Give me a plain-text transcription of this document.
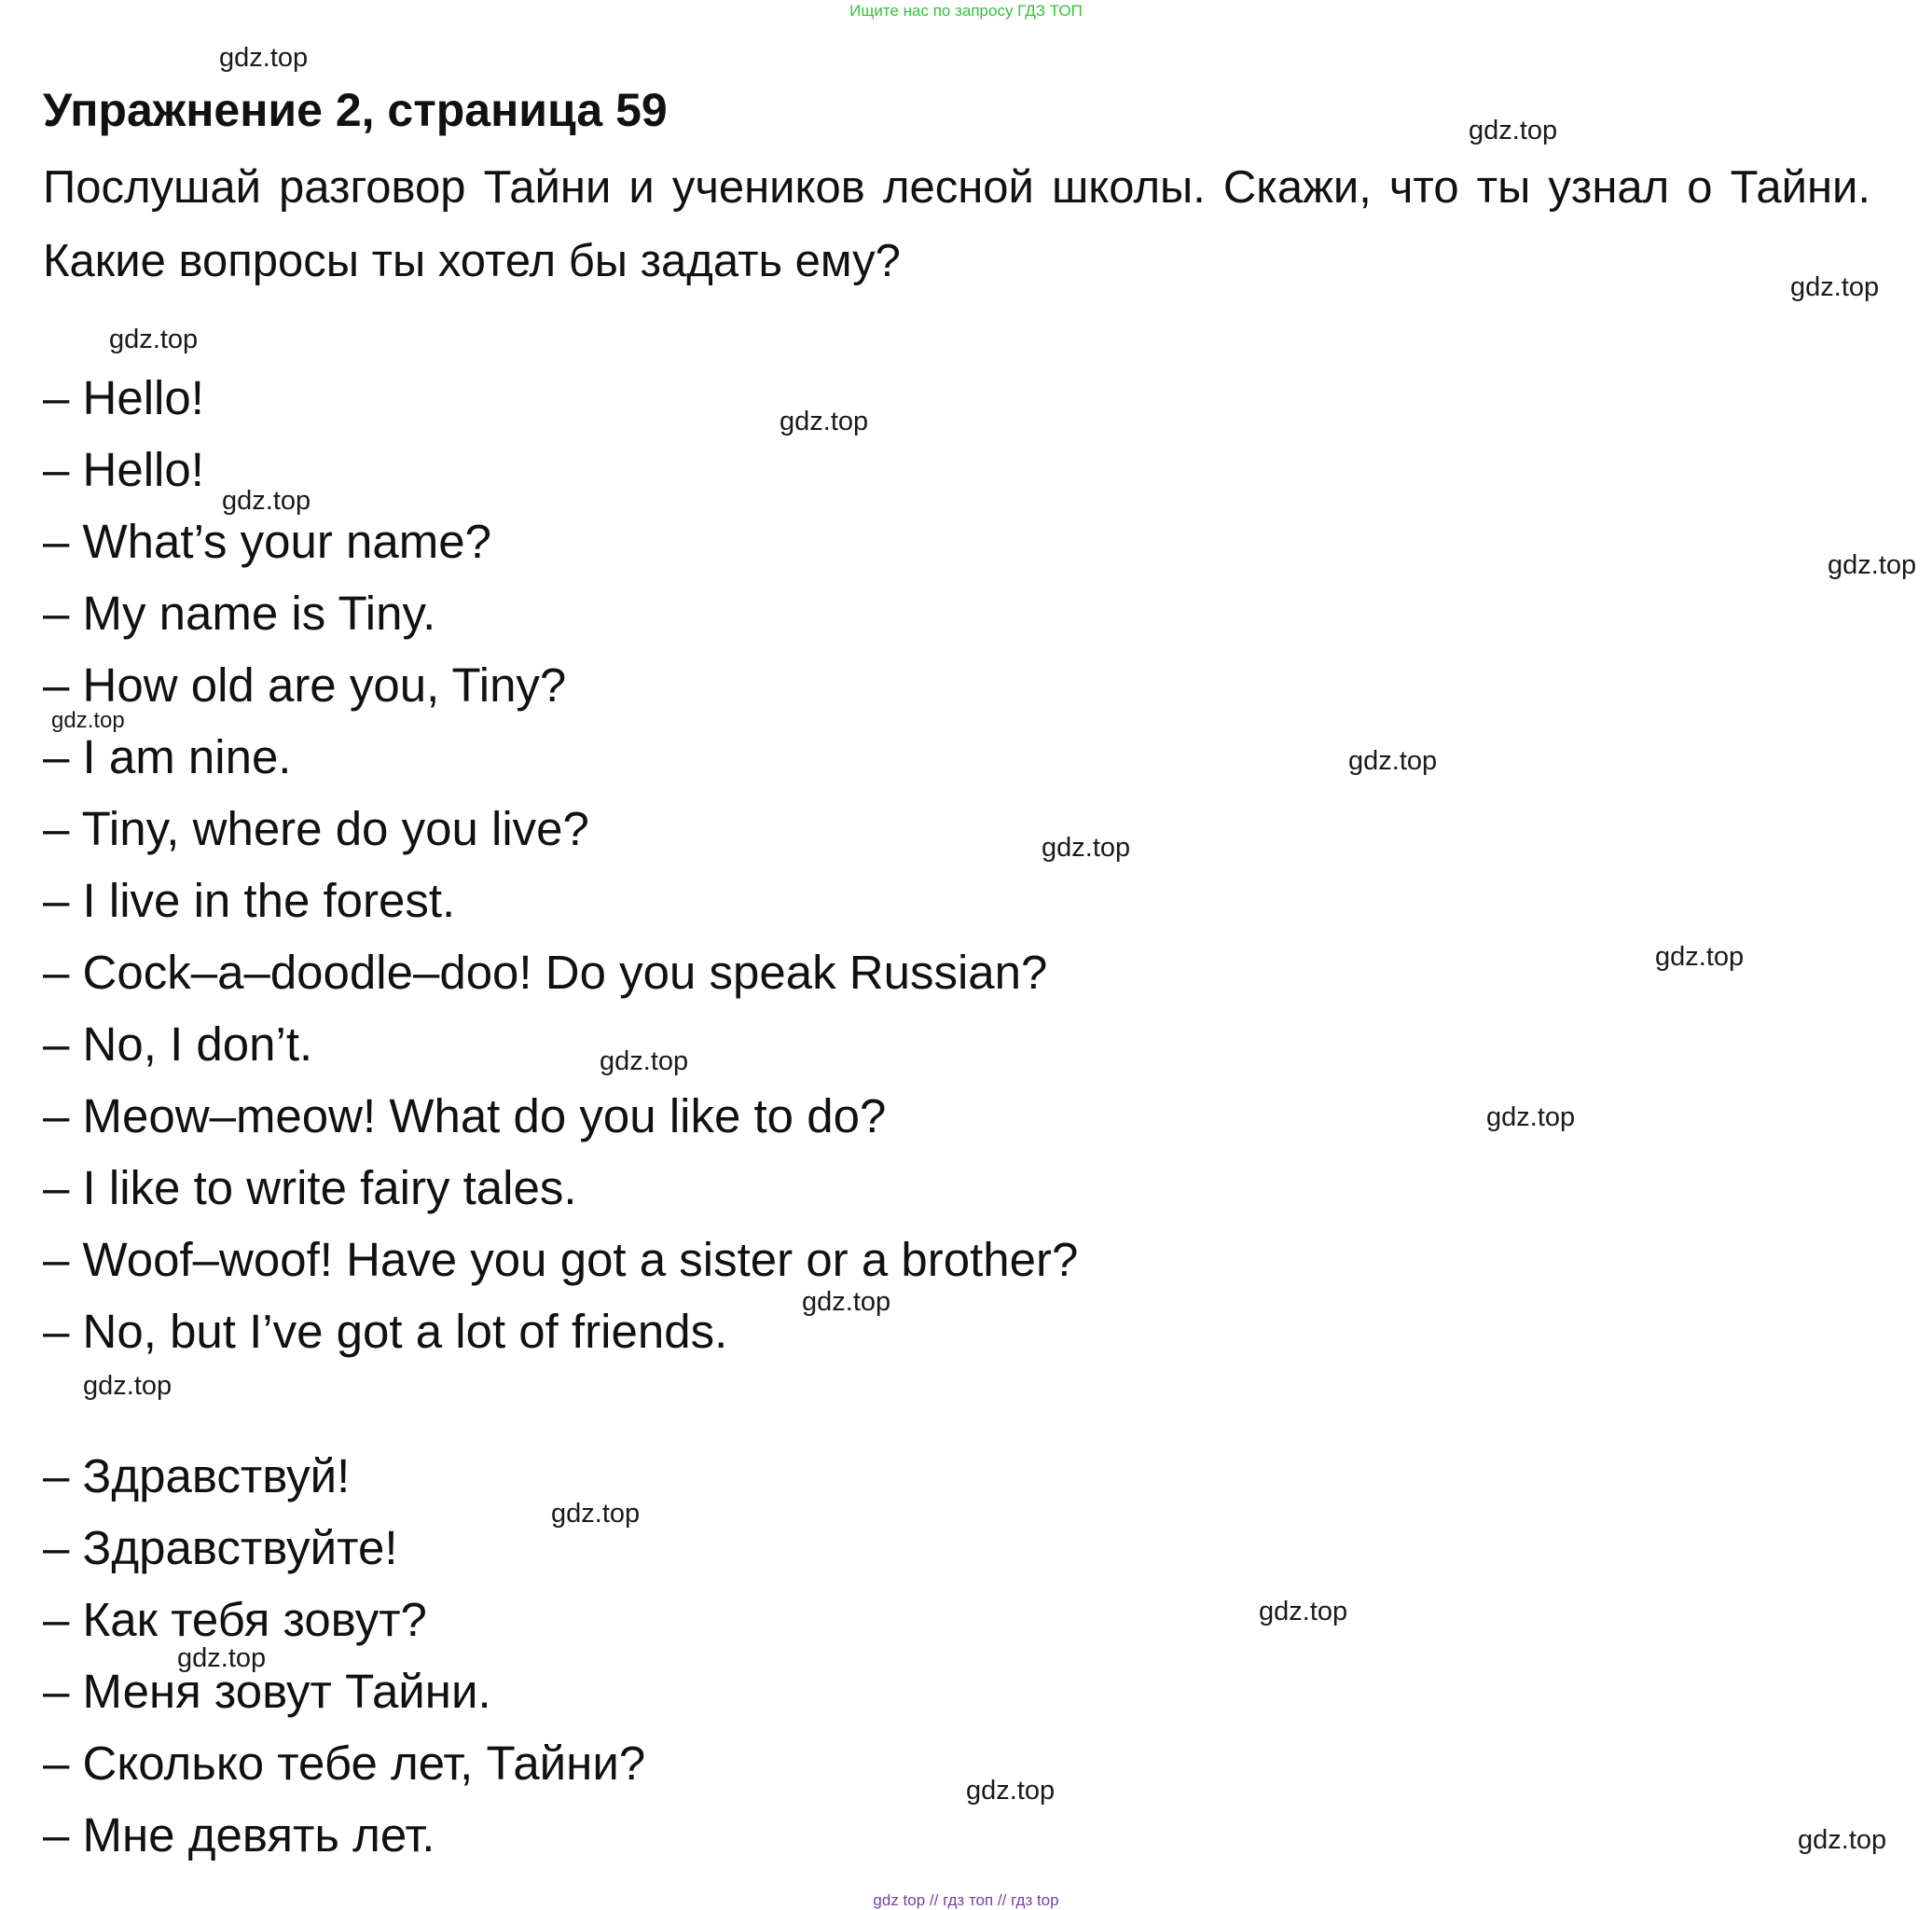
Ищите нас по запросу ГДЗ ТОП
Упражнение 2, страница 59

Послушай разговор Тайни и учеников лесной школы. Скажи, что ты узнал о Тайни. Какие вопросы ты хотел бы задать ему?

– Hello!

– Hello!

– What’s your name?

– My name is Tiny.

– How old are you, Tiny?

– I am nine.

– Tiny, where do you live?

– I live in the forest.

– Cock–a–doodle–doo! Do you speak Russian?

– No, I don’t.

– Meow–meow! What do you like to do?

– I like to write fairy tales.

– Woof–woof! Have you got a sister or a brother?

– No, but I’ve got a lot of friends.

– Здравствуй!

– Здравствуйте!

– Как тебя зовут?

– Меня зовут Тайни.

– Сколько тебе лет, Тайни?

– Мне девять лет.

gdz.top
gdz.top
gdz.top
gdz.top
gdz.top
gdz.top
gdz.top
gdz.top
gdz.top
gdz.top
gdz.top
gdz.top
gdz.top
gdz.top
gdz.top
gdz.top
gdz.top
gdz.top
gdz.top
gdz.top
gdz top // гдз топ // гдз top
